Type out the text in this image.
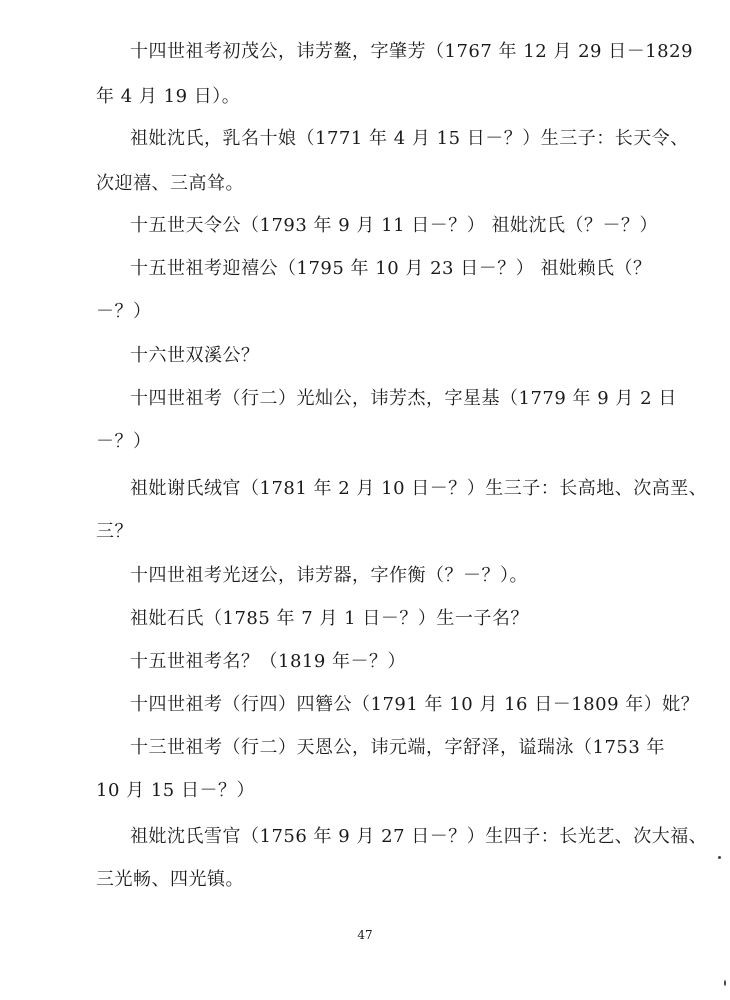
十四世祖考初茂公，讳芳鳌，字肇芳（1767 年 12 月 29 日－1829
年 4 月 19 日）。
祖妣沈氏，乳名十娘（1771 年 4 月 15 日－？）生三子：长天令、
次迎禧、三高耸。
十五世天令公（1793 年 9 月 11 日－？） 祖妣沈氏（？－？）
十五世祖考迎禧公（1795 年 10 月 23 日－？） 祖妣赖氏（？
－？）
十六世双溪公？
十四世祖考（行二）光灿公，讳芳杰，字星基（1779 年 9 月 2 日
－？）
祖妣谢氏绒官（1781 年 2 月 10 日－？）生三子：长高地、次高垩、
三？
十四世祖考光迓公，讳芳器，字作衡（？－？）。
祖妣石氏（1785 年 7 月 1 日－？）生一子名？
十五世祖考名？（1819 年－？）
十四世祖考（行四）四簪公（1791 年 10 月 16 日－1809 年）妣？
十三世祖考（行二）天恩公，讳元端，字舒泽，谥瑞泳（1753 年
10 月 15 日－？）
祖妣沈氏雪官（1756 年 9 月 27 日－？）生四子：长光艺、次大福、
三光畅、四光镇。
47
